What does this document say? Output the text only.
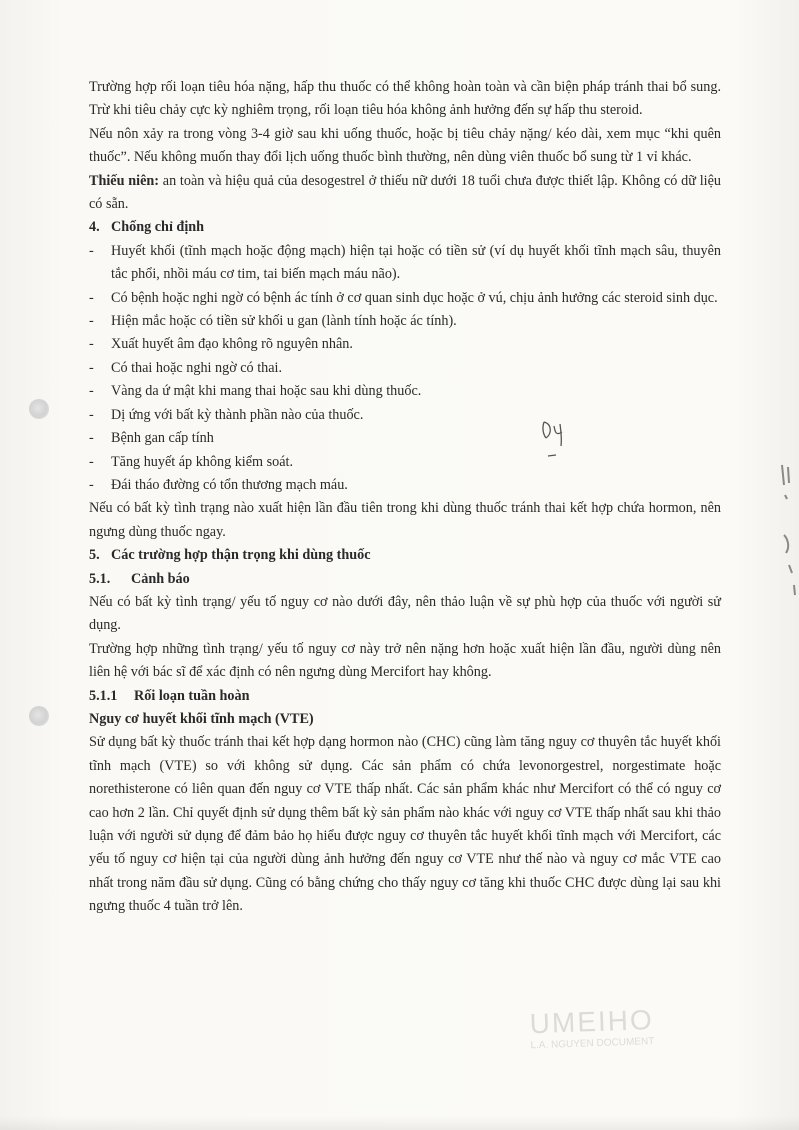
Trường hợp rối loạn tiêu hóa nặng, hấp thu thuốc có thể không hoàn toàn và cần biện pháp tránh thai bổ sung. Trừ khi tiêu chảy cực kỳ nghiêm trọng, rối loạn tiêu hóa không ảnh hưởng đến sự hấp thu steroid.

Nếu nôn xảy ra trong vòng 3-4 giờ sau khi uống thuốc, hoặc bị tiêu chảy nặng/ kéo dài, xem mục “khi quên thuốc”. Nếu không muốn thay đổi lịch uống thuốc bình thường, nên dùng viên thuốc bổ sung từ 1 vỉ khác.

Thiếu niên: an toàn và hiệu quả của desogestrel ở thiếu nữ dưới 18 tuổi chưa được thiết lập. Không có dữ liệu có sẵn.

4. Chống chỉ định

- Huyết khối (tĩnh mạch hoặc động mạch) hiện tại hoặc có tiền sử (ví dụ huyết khối tĩnh mạch sâu, thuyên tắc phổi, nhồi máu cơ tim, tai biến mạch máu não).
- Có bệnh hoặc nghi ngờ có bệnh ác tính ở cơ quan sinh dục hoặc ở vú, chịu ảnh hưởng các steroid sinh dục.
- Hiện mắc hoặc có tiền sử khối u gan (lành tính hoặc ác tính).
- Xuất huyết âm đạo không rõ nguyên nhân.
- Có thai hoặc nghi ngờ có thai.
- Vàng da ứ mật khi mang thai hoặc sau khi dùng thuốc.
- Dị ứng với bất kỳ thành phần nào của thuốc.
- Bệnh gan cấp tính
- Tăng huyết áp không kiểm soát.
- Đái tháo đường có tổn thương mạch máu.

Nếu có bất kỳ tình trạng nào xuất hiện lần đầu tiên trong khi dùng thuốc tránh thai kết hợp chứa hormon, nên ngưng dùng thuốc ngay.

5. Các trường hợp thận trọng khi dùng thuốc

5.1. Cảnh báo

Nếu có bất kỳ tình trạng/ yếu tố nguy cơ nào dưới đây, nên thảo luận về sự phù hợp của thuốc với người sử dụng.

Trường hợp những tình trạng/ yếu tố nguy cơ này trở nên nặng hơn hoặc xuất hiện lần đầu, người dùng nên liên hệ với bác sĩ để xác định có nên ngưng dùng Mercifort hay không.

5.1.1 Rối loạn tuần hoàn

Nguy cơ huyết khối tĩnh mạch (VTE)

Sử dụng bất kỳ thuốc tránh thai kết hợp dạng hormon nào (CHC) cũng làm tăng nguy cơ thuyên tắc huyết khối tĩnh mạch (VTE) so với không sử dụng. Các sản phẩm có chứa levonorgestrel, norgestimate hoặc norethisterone có liên quan đến nguy cơ VTE thấp nhất. Các sản phẩm khác như Mercifort có thể có nguy cơ cao hơn 2 lần. Chỉ quyết định sử dụng thêm bất kỳ sản phẩm nào khác với nguy cơ VTE thấp nhất sau khi thảo luận với người sử dụng để đảm bảo họ hiểu được nguy cơ thuyên tắc huyết khối tĩnh mạch với Mercifort, các yếu tố nguy cơ hiện tại của người dùng ảnh hưởng đến nguy cơ VTE như thế nào và nguy cơ mắc VTE cao nhất trong năm đầu sử dụng. Cũng có bằng chứng cho thấy nguy cơ tăng khi thuốc CHC được dùng lại sau khi ngưng thuốc 4 tuần trở lên.

UMEIHO
L.A. NGUYEN DOCUMENT
